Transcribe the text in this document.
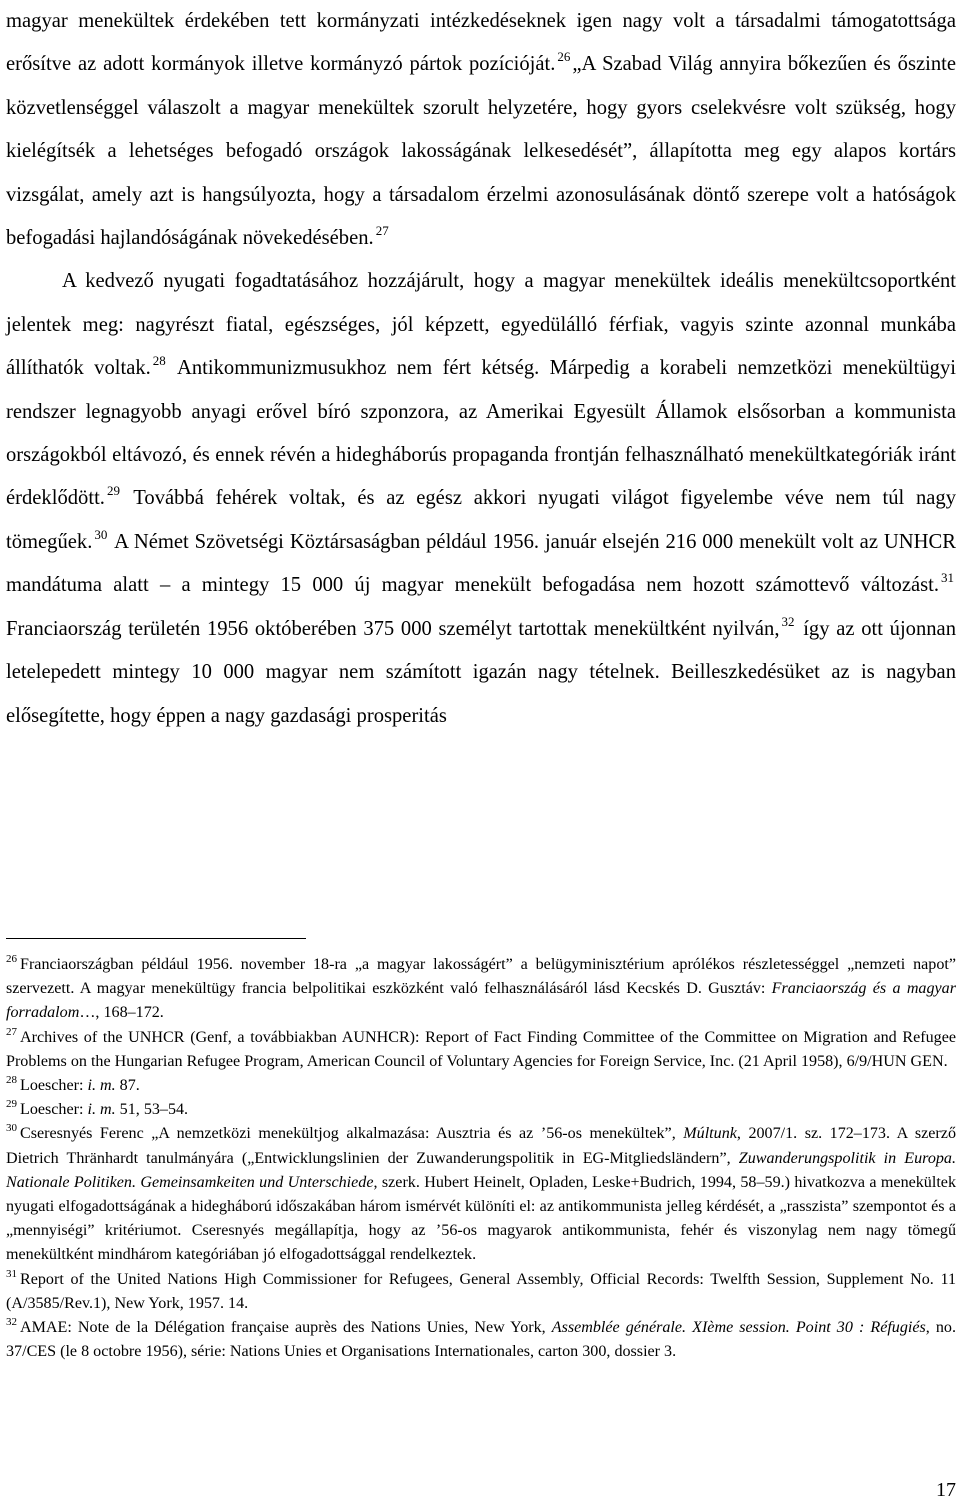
magyar menekültek érdekében tett kormányzati intézkedéseknek igen nagy volt a társadalmi támogatottsága erősítve az adott kormányok illetve kormányzó pártok pozícióját. $^{26}$„A Szabad Világ annyira bőkezűen és őszinte közvetlenséggel válaszolt a magyar menekültek szorult helyzetére, hogy gyors cselekvésre volt szükség, hogy kielégítsék a lehetséges befogadó országok lakosságának lelkesedését”, állapította meg egy alapos kortárs vizsgálat, amely azt is hangsúlyozta, hogy a társadalom érzelmi azonosulásának döntő szerepe volt a hatóságok befogadási hajlandóságának növekedésében. $^{27}$

A kedvező nyugati fogadtatásához hozzájárult, hogy a magyar menekültek ideális menekültcsoportként jelentek meg: nagyrészt fiatal, egészséges, jól képzett, egyedülálló férfiak, vagyis szinte azonnal munkába állíthatók voltak. $^{28}$ Antikommunizmusukhoz nem fért kétség. Márpedig a korabeli nemzetközi menekültügyi rendszer legnagyobb anyagi erővel bíró szponzora, az Amerikai Egyesült Államok elsősorban a kommunista országokból eltávozó, és ennek révén a hidegháborús propaganda frontján felhasználható menekültkategóriák iránt érdeklődött. $^{29}$ Továbbá fehérek voltak, és az egész akkori nyugati világot figyelembe véve nem túl nagy tömegűek. $^{30}$ A Német Szövetségi Köztársaságban például 1956. január elsején 216 000 menekült volt az UNHCR mandátuma alatt – a mintegy 15 000 új magyar menekült befogadása nem hozott számottevő változást. $^{31}$ Franciaország területén 1956 októberében 375 000 személyt tartottak menekültként nyilván, $^{32}$ így az ott újonnan letelepedett mintegy 10 000 magyar nem számított igazán nagy tételnek. Beilleszkedésüket az is nagyban elősegítette, hogy éppen a nagy gazdasági prosperitás

$^{26}$ Franciaországban például 1956. november 18-ra „a magyar lakosságért” a belügyminisztérium aprólékos részletességgel „nemzeti napot” szervezett. A magyar menekültügy francia belpolitikai eszközként való felhasználásáról lásd Kecskés D. Gusztáv: Franciaország és a magyar forradalom…, 168‒172.

$^{27}$ Archives of the UNHCR (Genf, a továbbiakban AUNHCR): Report of Fact Finding Committee of the Committee on Migration and Refugee Problems on the Hungarian Refugee Program, American Council of Voluntary Agencies for Foreign Service, Inc. (21 April 1958), 6/9/HUN GEN.

$^{28}$ Loescher: i. m. 87.

$^{29}$ Loescher: i. m. 51, 53‒54.

$^{30}$ Cseresnyés Ferenc „A nemzetközi menekültjog alkalmazása: Ausztria és az ’56-os menekültek”, Múltunk, 2007/1. sz. 172‒173. A szerző Dietrich Thränhardt tanulmányára („Entwicklungslinien der Zuwanderungspolitik in EG-Mitgliedsländern”, Zuwanderungspolitik in Europa. Nationale Politiken. Gemeinsamkeiten und Unterschiede, szerk. Hubert Heinelt, Opladen, Leske+Budrich, 1994, 58‒59.) hivatkozva a menekültek nyugati elfogadottságának a hidegháború időszakában három ismérvét különíti el: az antikommunista jelleg kérdését, a „rasszista” szempontot és a „mennyiségi” kritériumot. Cseresnyés megállapítja, hogy az ’56-os magyarok antikommunista, fehér és viszonylag nem nagy tömegű menekültként mindhárom kategóriában jó elfogadottsággal rendelkeztek.

$^{31}$ Report of the United Nations High Commissioner for Refugees, General Assembly, Official Records: Twelfth Session, Supplement No. 11 (A/3585/Rev.1), New York, 1957. 14.

$^{32}$ AMAE: Note de la Délégation française auprès des Nations Unies, New York, Assemblée générale. XIème session. Point 30 : Réfugiés, no. 37/CES (le 8 octobre 1956), série: Nations Unies et Organisations Internationales, carton 300, dossier 3.

17
